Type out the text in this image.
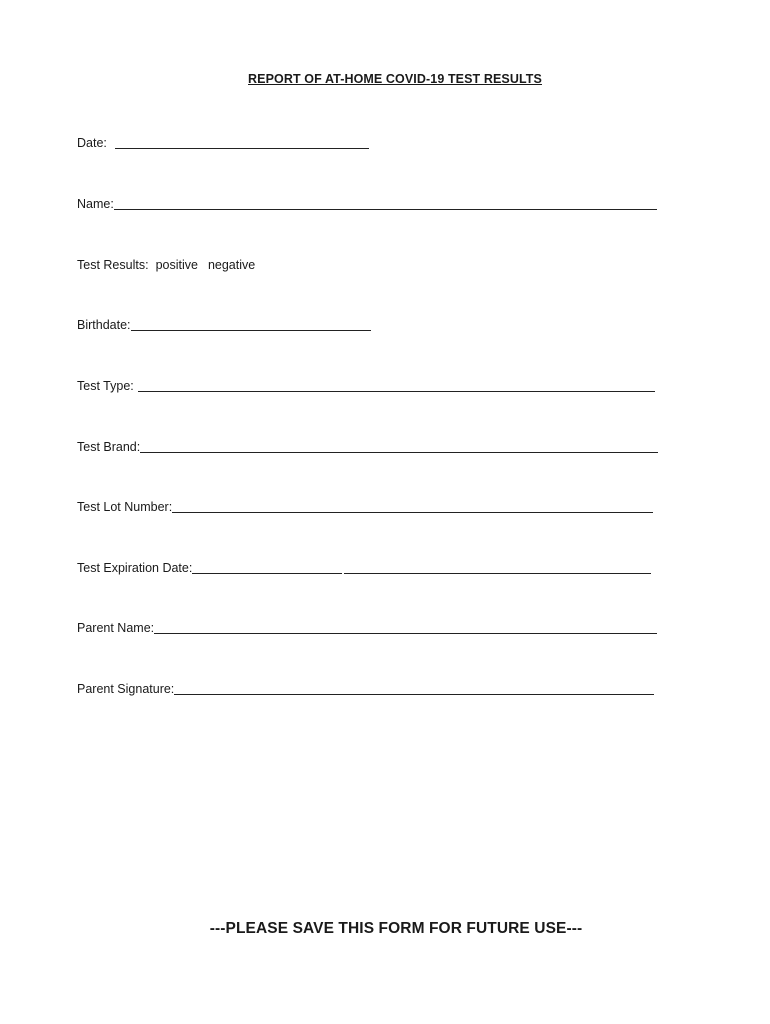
REPORT OF AT-HOME COVID-19 TEST RESULTS
Date:
Name:
Test Results: positive negative
Birthdate:
Test Type:
Test Brand:
Test Lot Number:
Test Expiration Date:
Parent Name:
Parent Signature:
---PLEASE SAVE THIS FORM FOR FUTURE USE---
